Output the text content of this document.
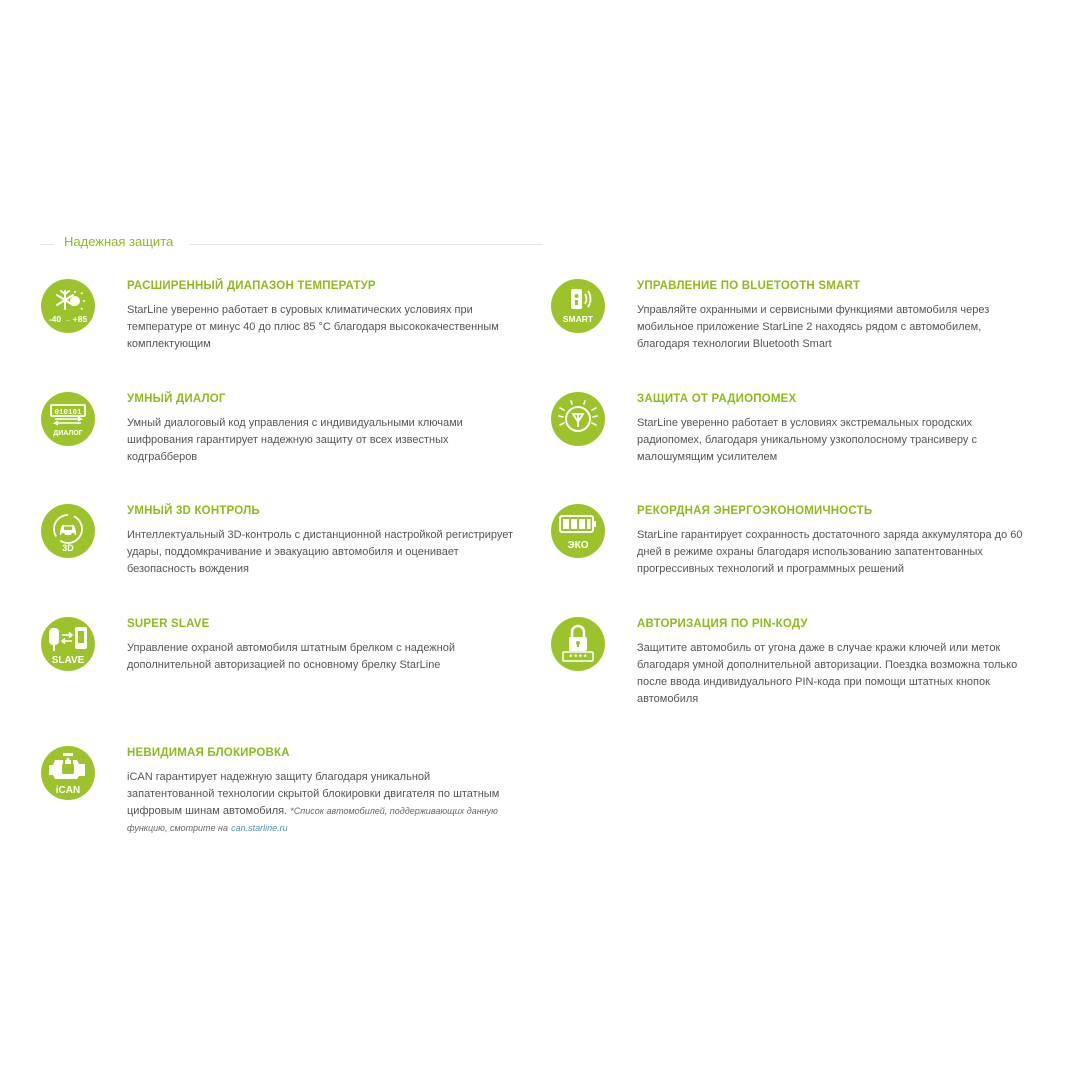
Надежная защита
-40 .. +85
РАСШИРЕННЫЙ ДИАПАЗОН ТЕМПЕРАТУР
StarLine уверенно работает в суровых климатических условиях при температуре от минус 40 до плюс 85 °С благодаря высококачественным комплектующим
SMART
УПРАВЛЕНИЕ ПО BLUETOOTH SMART
Управляйте охранными и сервисными функциями автомобиля через мобильное приложение StarLine 2 находясь рядом с автомобилем, благодаря технологии Bluetooth Smart
010101
ДИАЛОГ
УМНЫЙ ДИАЛОГ
Умный диалоговый код управления с индивидуальными ключами шифрования гарантирует надежную защиту от всех известных кодграбберов
ЗАЩИТА ОТ РАДИОПОМЕХ
StarLine уверенно работает в условиях экстремальных городских радиопомех, благодаря уникальному узкополосному трансиверу с малошумящим усилителем
3D
УМНЫЙ 3D КОНТРОЛЬ
Интеллектуальный 3D-контроль с дистанционной настройкой регистрирует удары, поддомкрачивание и эвакуацию автомобиля и оценивает безопасность вождения
ЭКО
РЕКОРДНАЯ ЭНЕРГОЭКОНОМИЧНОСТЬ
StarLine гарантирует сохранность достаточного заряда аккумулятора до 60 дней в режиме охраны благодаря использованию запатентованных прогрессивных технологий и программных решений
SLAVE
SUPER SLAVE
Управление охраной автомобиля штатным брелком с надежной дополнительной авторизацией по основному брелку StarLine
****
АВТОРИЗАЦИЯ ПО PIN-КОДУ
Защитите автомобиль от угона даже в случае кражи ключей или меток благодаря умной дополнительной авторизации. Поездка возможна только после ввода индивидуального PIN-кода при помощи штатных кнопок автомобиля
iCAN
НЕВИДИМАЯ БЛОКИРОВКА
iCAN гарантирует надежную защиту благодаря уникальной запатентованной технологии скрытой блокировки двигателя по штатным цифровым шинам автомобиля. *Список автомобилей, поддерживающих данную функцию, смотрите на can.starline.ru
